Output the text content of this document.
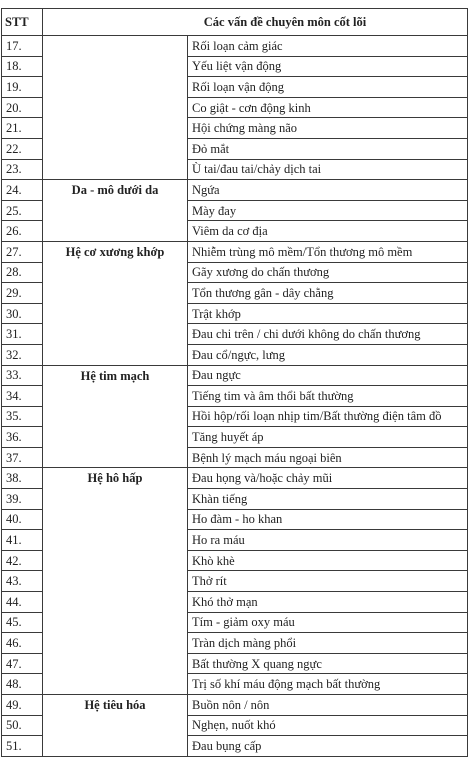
STT	Các vấn đề chuyên môn cốt lõi	
17.		Rối loạn cảm giác
18.		Yếu liệt vận động
19.		Rối loạn vận động
20.		Co giật - cơn động kinh
21.		Hội chứng màng não
22.		Đỏ mắt
23.		Ù tai/đau tai/chảy dịch tai
24.	Da - mô dưới da	Ngứa
25.		Mày đay
26.		Viêm da cơ địa
27.	Hệ cơ xương khớp	Nhiễm trùng mô mềm/Tổn thương mô mềm
28.		Gãy xương do chấn thương
29.		Tổn thương gân - dây chằng
30.		Trật khớp
31.		Đau chi trên / chi dưới không do chấn thương
32.		Đau cổ/ngực, lưng
33.	Hệ tim mạch	Đau ngực
34.		Tiếng tim và âm thổi bất thường
35.		Hồi hộp/rối loạn nhịp tim/Bất thường điện tâm đồ
36.		Tăng huyết áp
37.		Bệnh lý mạch máu ngoại biên
38.	Hệ hô hấp	Đau họng và/hoặc chảy mũi
39.		Khàn tiếng
40.		Ho đàm - ho khan
41.		Ho ra máu
42.		Khò khè
43.		Thở rít
44.		Khó thở mạn
45.		Tím - giảm oxy máu
46.		Tràn dịch màng phổi
47.		Bất thường X quang ngực
48.		Trị số khí máu động mạch bất thường
49.	Hệ tiêu hóa	Buồn nôn / nôn
50.		Nghẹn, nuốt khó
51.		Đau bụng cấp
